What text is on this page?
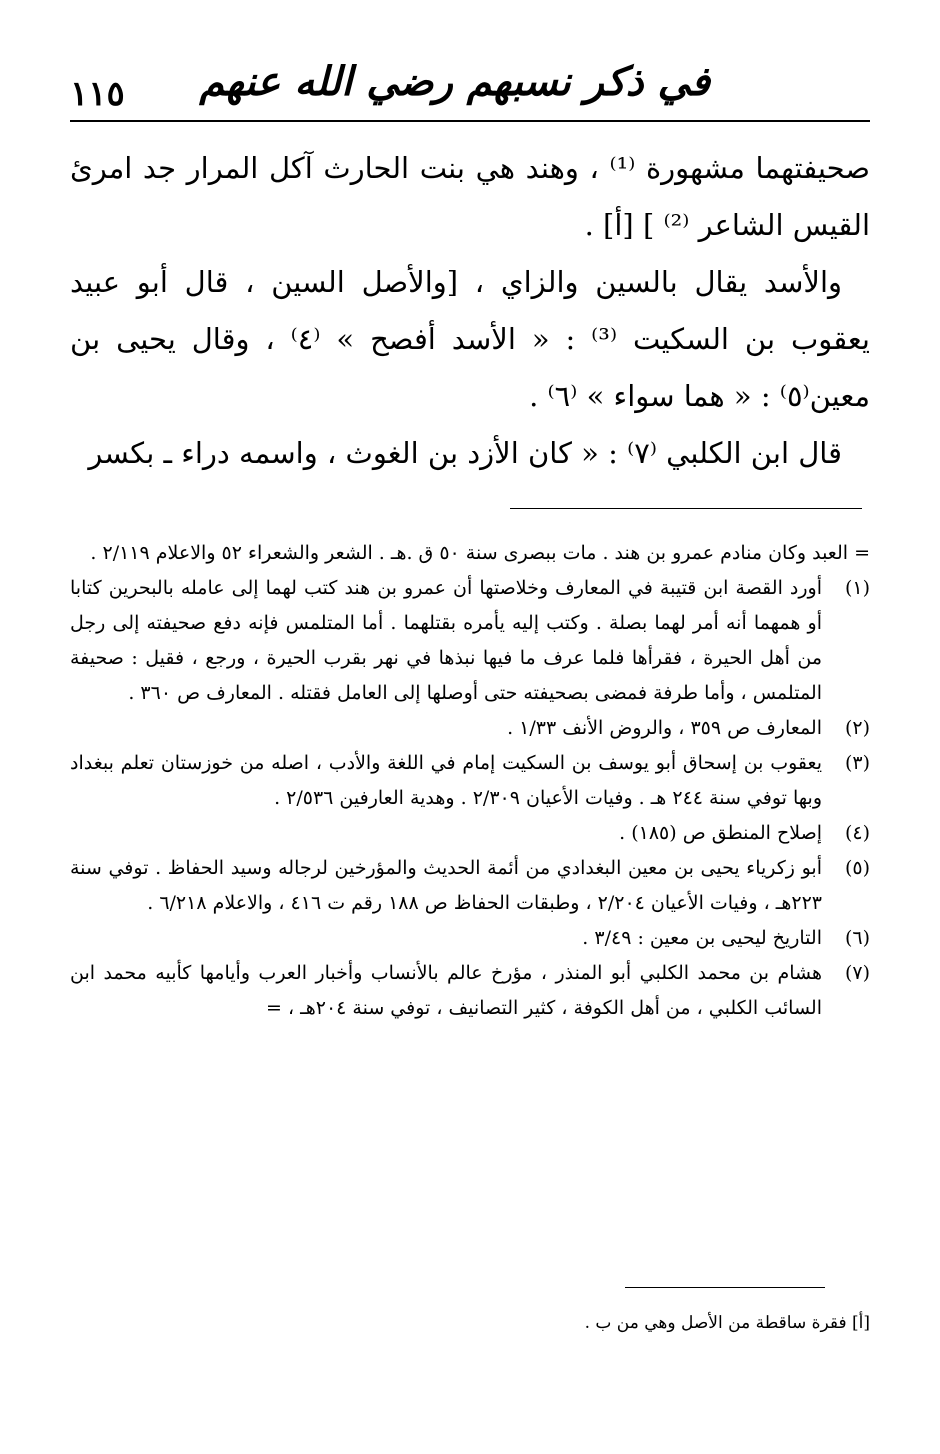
١١٥ في ذكر نسبهم رضي الله عنهم

صحيفتهما مشهورة ⁽¹⁾ ، وهند هي بنت الحارث آكل المرار جد امرئ القيس الشاعر ⁽²⁾ ] [أ] .

والأسد يقال بالسين والزاي ، [والأصل السين ، قال أبو عبيد يعقوب بن السكيت ⁽³⁾ : « الأسد أفصح » ⁽٤⁾ ، وقال يحيى بن معين⁽٥⁾ : « هما سواء » ⁽٦⁾ .

قال ابن الكلبي ⁽٧⁾ : « كان الأزد بن الغوث ، واسمه دراء ـ بكسر

= العبد وكان منادم عمرو بن هند . مات ببصرى سنة ٥٠ ق .هـ . الشعر والشعراء ٥٢ والاعلام ٢/١١٩ .

(١)أورد القصة ابن قتيبة في المعارف وخلاصتها أن عمرو بن هند كتب لهما إلى عامله بالبحرين كتابا أو همهما أنه أمر لهما بصلة . وكتب إليه يأمره بقتلهما . أما المتلمس فإنه دفع صحيفته إلى رجل من أهل الحيرة ، فقرأها فلما عرف ما فيها نبذها في نهر بقرب الحيرة ، ورجع ، فقيل : صحيفة المتلمس ، وأما طرفة فمضى بصحيفته حتى أوصلها إلى العامل فقتله . المعارف ص ٣٦٠ .

(٢)المعارف ص ٣٥٩ ، والروض الأنف ١/٣٣ .

(٣)يعقوب بن إسحاق أبو يوسف بن السكيت إمام في اللغة والأدب ، اصله من خوزستان تعلم ببغداد وبها توفي سنة ٢٤٤ هـ . وفيات الأعيان ٢/٣٠٩ . وهدية العارفين ٢/٥٣٦ .

(٤)إصلاح المنطق ص (١٨٥) .

(٥)أبو زكرياء يحيى بن معين البغدادي من أئمة الحديث والمؤرخين لرجاله وسيد الحفاظ . توفي سنة ٢٢٣هـ ، وفيات الأعيان ٢/٢٠٤ ، وطبقات الحفاظ ص ١٨٨ رقم ت ٤١٦ ، والاعلام ٦/٢١٨ .

(٦)التاريخ ليحيى بن معين : ٣/٤٩ .

(٧)هشام بن محمد الكلبي أبو المنذر ، مؤرخ عالم بالأنساب وأخبار العرب وأيامها كأبيه محمد ابن السائب الكلبي ، من أهل الكوفة ، كثير التصانيف ، توفي سنة ٢٠٤هـ ، =

[أ] فقرة ساقطة من الأصل وهي من ب .
